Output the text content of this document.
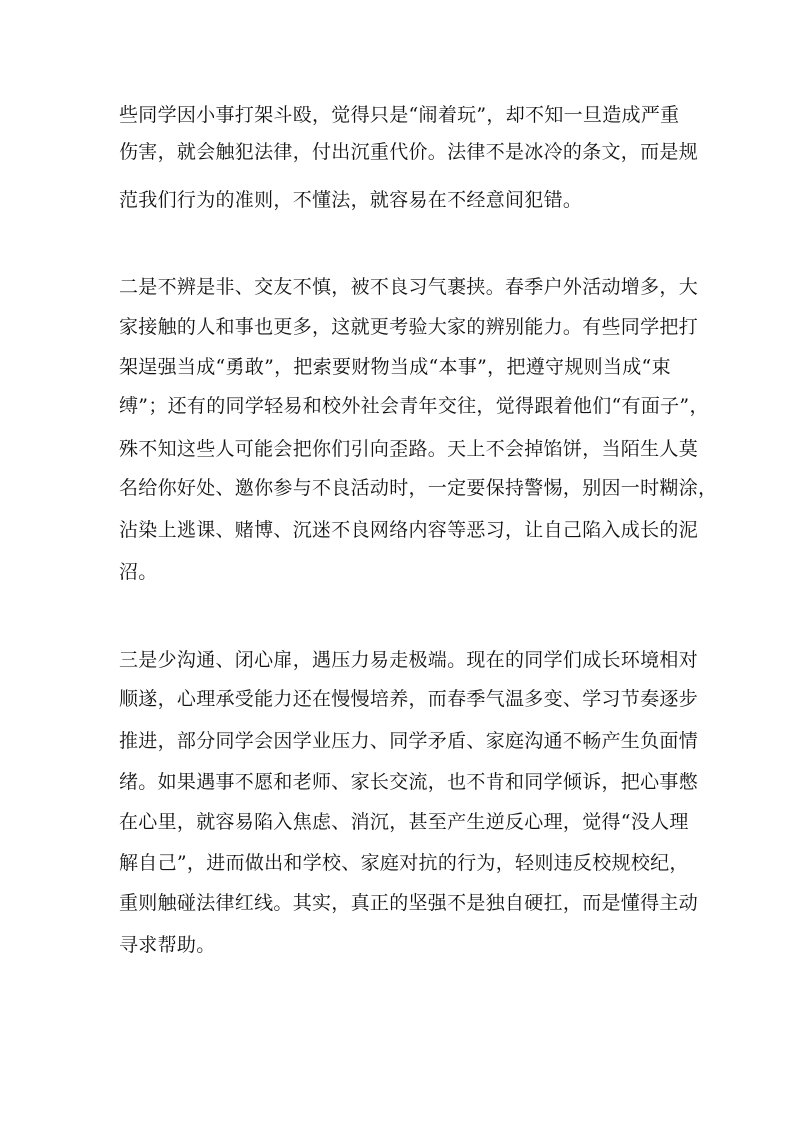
些同学因小事打架斗殴，觉得只是“闹着玩”，却不知一旦造成严重
伤害，就会触犯法律，付出沉重代价。法律不是冰冷的条文，而是规
范我们行为的准则，不懂法，就容易在不经意间犯错。
二是不辨是非、交友不慎，被不良习气裹挟。春季户外活动增多，大
家接触的人和事也更多，这就更考验大家的辨别能力。有些同学把打
架逞强当成“勇敢”，把索要财物当成“本事”，把遵守规则当成“束
缚”；还有的同学轻易和校外社会青年交往，觉得跟着他们“有面子”，
殊不知这些人可能会把你们引向歪路。天上不会掉馅饼，当陌生人莫
名给你好处、邀你参与不良活动时，一定要保持警惕，别因一时糊涂，
沾染上逃课、赌博、沉迷不良网络内容等恶习，让自己陷入成长的泥
沼。
三是少沟通、闭心扉，遇压力易走极端。现在的同学们成长环境相对
顺遂，心理承受能力还在慢慢培养，而春季气温多变、学习节奏逐步
推进，部分同学会因学业压力、同学矛盾、家庭沟通不畅产生负面情
绪。如果遇事不愿和老师、家长交流，也不肯和同学倾诉，把心事憋
在心里，就容易陷入焦虑、消沉，甚至产生逆反心理，觉得“没人理
解自己”，进而做出和学校、家庭对抗的行为，轻则违反校规校纪，
重则触碰法律红线。其实，真正的坚强不是独自硬扛，而是懂得主动
寻求帮助。
